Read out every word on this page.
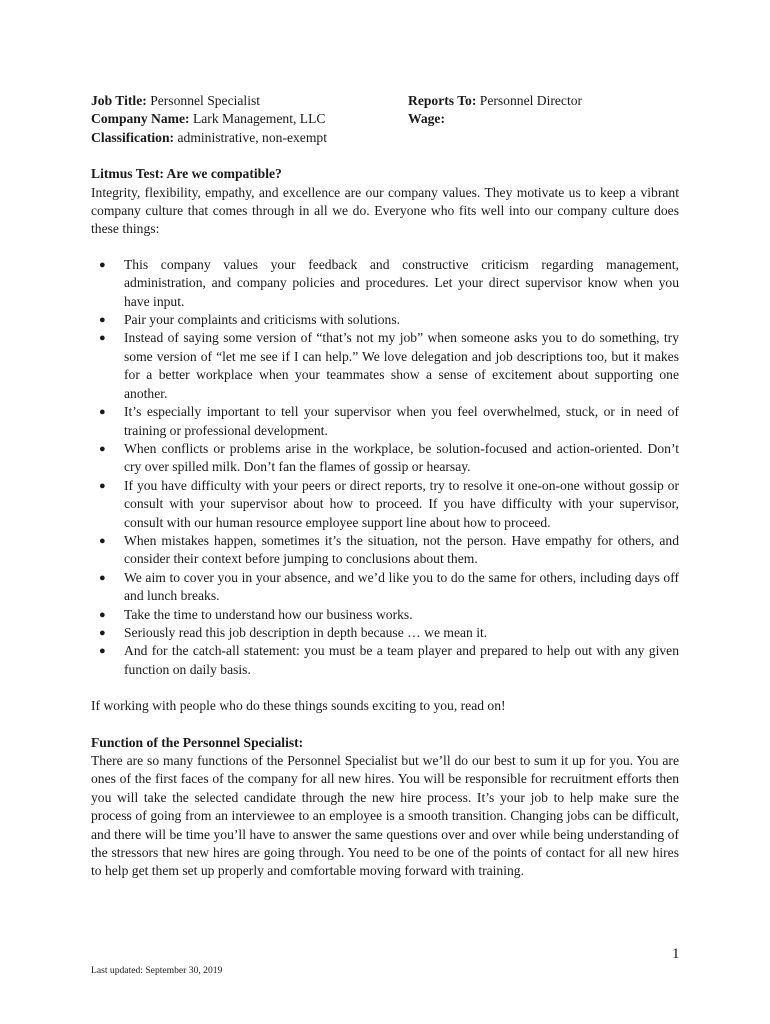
Job Title: Personnel Specialist
Company Name: Lark Management, LLC
Classification: administrative, non-exempt
Reports To: Personnel Director
Wage:
Litmus Test: Are we compatible?
Integrity, flexibility, empathy, and excellence are our company values. They motivate us to keep a vibrant company culture that comes through in all we do. Everyone who fits well into our company culture does these things:
● This company values your feedback and constructive criticism regarding management, administration, and company policies and procedures. Let your direct supervisor know when you have input.
● Pair your complaints and criticisms with solutions.
● Instead of saying some version of “that’s not my job” when someone asks you to do something, try some version of “let me see if I can help.” We love delegation and job descriptions too, but it makes for a better workplace when your teammates show a sense of excitement about supporting one another.
● It’s especially important to tell your supervisor when you feel overwhelmed, stuck, or in need of training or professional development.
● When conflicts or problems arise in the workplace, be solution-focused and action-oriented. Don’t cry over spilled milk. Don’t fan the flames of gossip or hearsay.
● If you have difficulty with your peers or direct reports, try to resolve it one-on-one without gossip or consult with your supervisor about how to proceed. If you have difficulty with your supervisor, consult with our human resource employee support line about how to proceed.
● When mistakes happen, sometimes it’s the situation, not the person. Have empathy for others, and consider their context before jumping to conclusions about them.
● We aim to cover you in your absence, and we’d like you to do the same for others, including days off and lunch breaks.
● Take the time to understand how our business works.
● Seriously read this job description in depth because … we mean it.
● And for the catch-all statement: you must be a team player and prepared to help out with any given function on daily basis.
If working with people who do these things sounds exciting to you, read on!
Function of the Personnel Specialist:
There are so many functions of the Personnel Specialist but we’ll do our best to sum it up for you. You are ones of the first faces of the company for all new hires. You will be responsible for recruitment efforts then you will take the selected candidate through the new hire process. It’s your job to help make sure the process of going from an interviewee to an employee is a smooth transition. Changing jobs can be difficult, and there will be time you’ll have to answer the same questions over and over while being understanding of the stressors that new hires are going through. You need to be one of the points of contact for all new hires to help get them set up properly and comfortable moving forward with training.
1
Last updated: September 30, 2019
